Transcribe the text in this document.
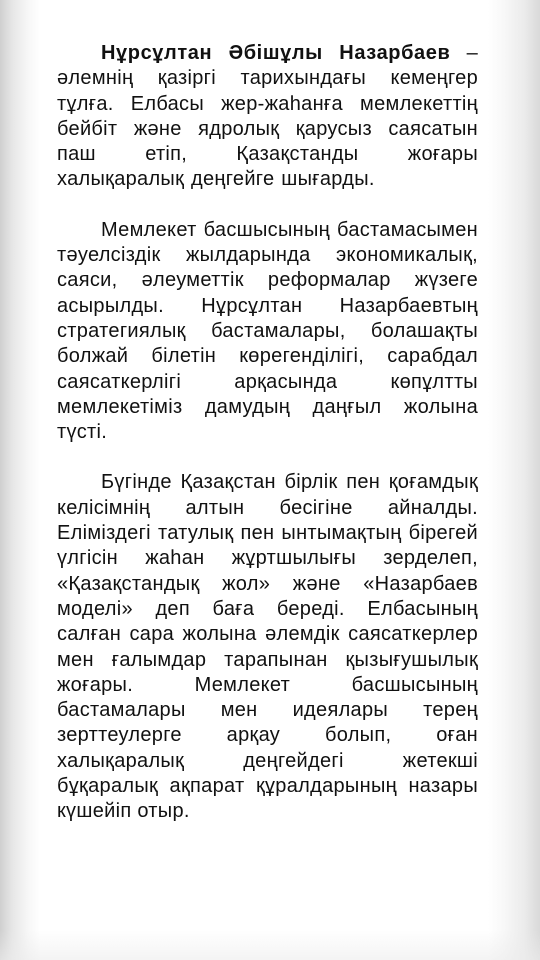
Нұрсұлтан Әбішұлы Назарбаев – әлемнің қазіргі тарихындағы кемеңгер тұлға. Елбасы жер-жаһанға мемлекеттің бейбіт және ядролық қарусыз саясатын паш етіп, Қазақстанды жоғары халықаралық деңгейге шығарды.

Мемлекет басшысының бастамасымен тәуелсіздік жылдарында экономикалық, саяси, әлеуметтік реформалар жүзеге асырылды. Нұрсұлтан Назарбаевтың стратегиялық бастамалары, болашақты болжай білетін көрегенділігі, сарабдал саясаткерлігі арқасында көпұлтты мемлекетіміз дамудың даңғыл жолына түсті.

Бүгінде Қазақстан бірлік пен қоғамдық келісімнің алтын бесігіне айналды. Еліміздегі татулық пен ынтымақтың бірегей үлгісін жаһан жұртшылығы зерделеп, «Қазақстандық жол» және «Назарбаев моделі» деп баға береді. Елбасының салған сара жолына әлемдік саясаткерлер мен ғалымдар тарапынан қызығушылық жоғары. Мемлекет басшысының бастамалары мен идеялары терең зерттеулерге арқау болып, оған халықаралық деңгейдегі жетекші бұқаралық ақпарат құралдарының назары күшейіп отыр.
